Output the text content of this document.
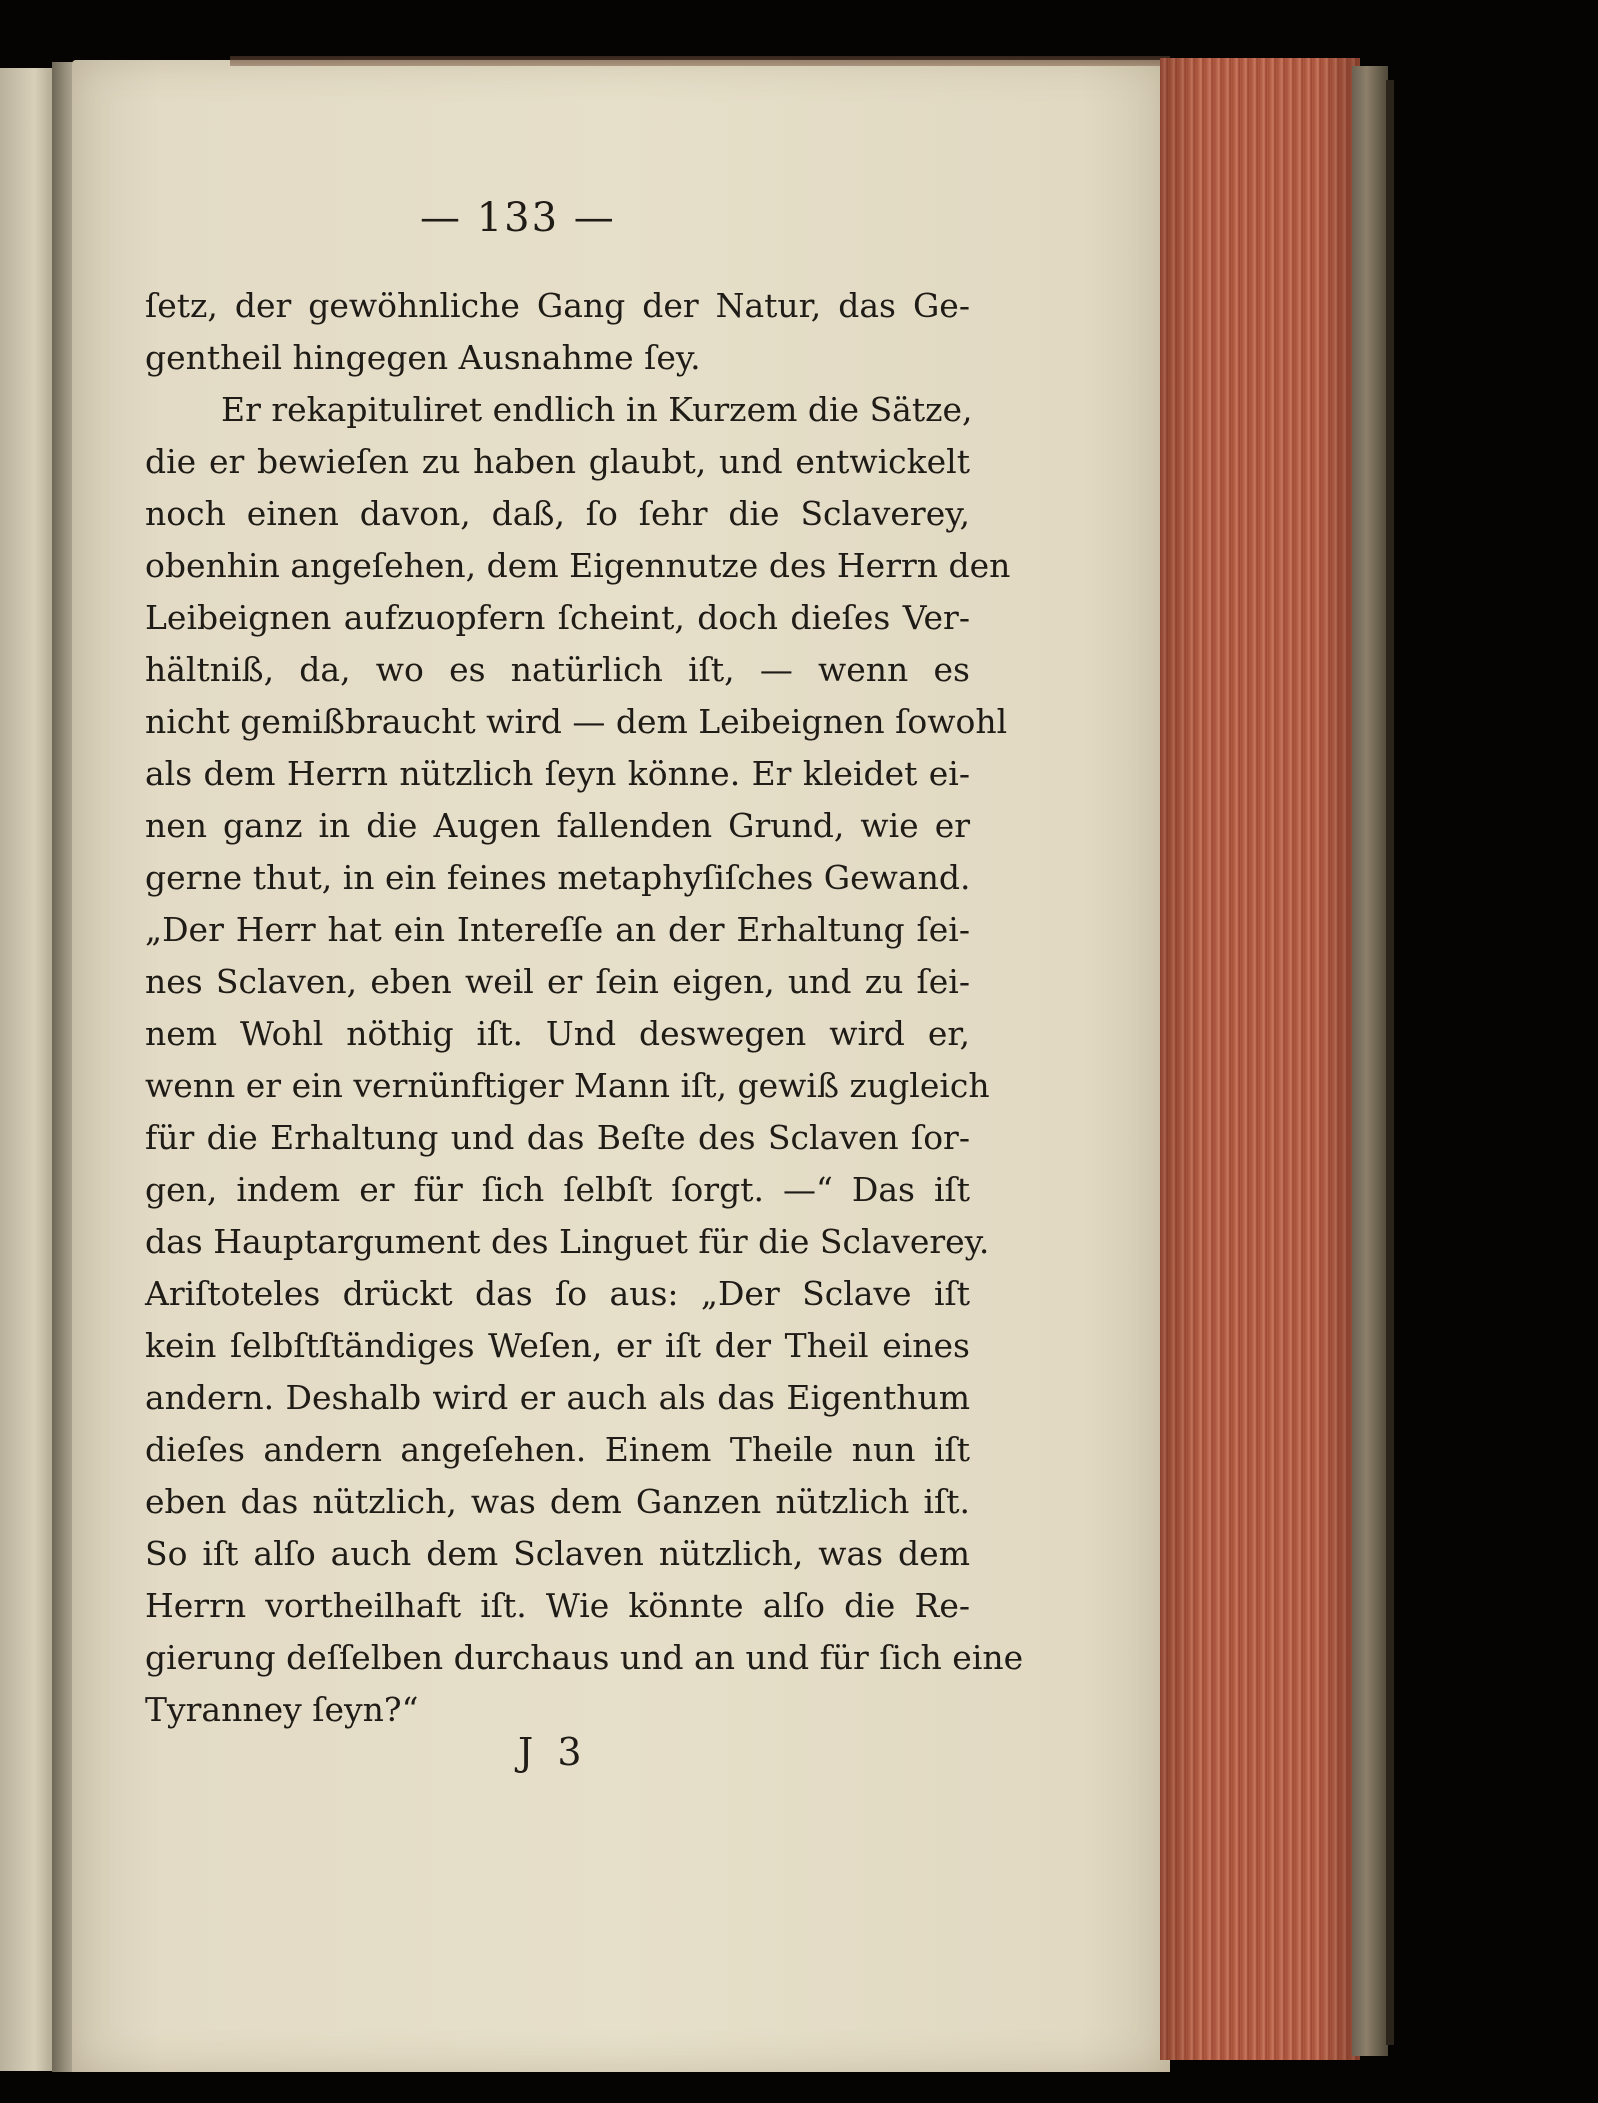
— 133 —
ſetz, der gewöhnliche Gang der Natur, das Ge-
gentheil hingegen Ausnahme ſey.
Er rekapituliret endlich in Kurzem die Sätze,
die er bewieſen zu haben glaubt, und entwickelt
noch einen davon, daß, ſo ſehr die Sclaverey,
obenhin angeſehen, dem Eigennutze des Herrn den
Leibeignen aufzuopfern ſcheint, doch dieſes Ver-
hältniß, da, wo es natürlich iſt, — wenn es
nicht gemißbraucht wird — dem Leibeignen ſowohl
als dem Herrn nützlich ſeyn könne. Er kleidet ei-
nen ganz in die Augen fallenden Grund, wie er
gerne thut, in ein feines metaphyſiſches Gewand.
„Der Herr hat ein Intereſſe an der Erhaltung ſei-
nes Sclaven, eben weil er ſein eigen, und zu ſei-
nem Wohl nöthig iſt. Und deswegen wird er,
wenn er ein vernünftiger Mann iſt, gewiß zugleich
für die Erhaltung und das Beſte des Sclaven ſor-
gen, indem er für ſich ſelbſt ſorgt. —“ Das iſt
das Hauptargument des Linguet für die Sclaverey.
Ariſtoteles drückt das ſo aus: „Der Sclave iſt
kein ſelbſtſtändiges Weſen, er iſt der Theil eines
andern. Deshalb wird er auch als das Eigenthum
dieſes andern angeſehen. Einem Theile nun iſt
eben das nützlich, was dem Ganzen nützlich iſt.
So iſt alſo auch dem Sclaven nützlich, was dem
Herrn vortheilhaft iſt. Wie könnte alſo die Re-
gierung deſſelben durchaus und an und für ſich eine
Tyranney ſeyn?“
J 3
